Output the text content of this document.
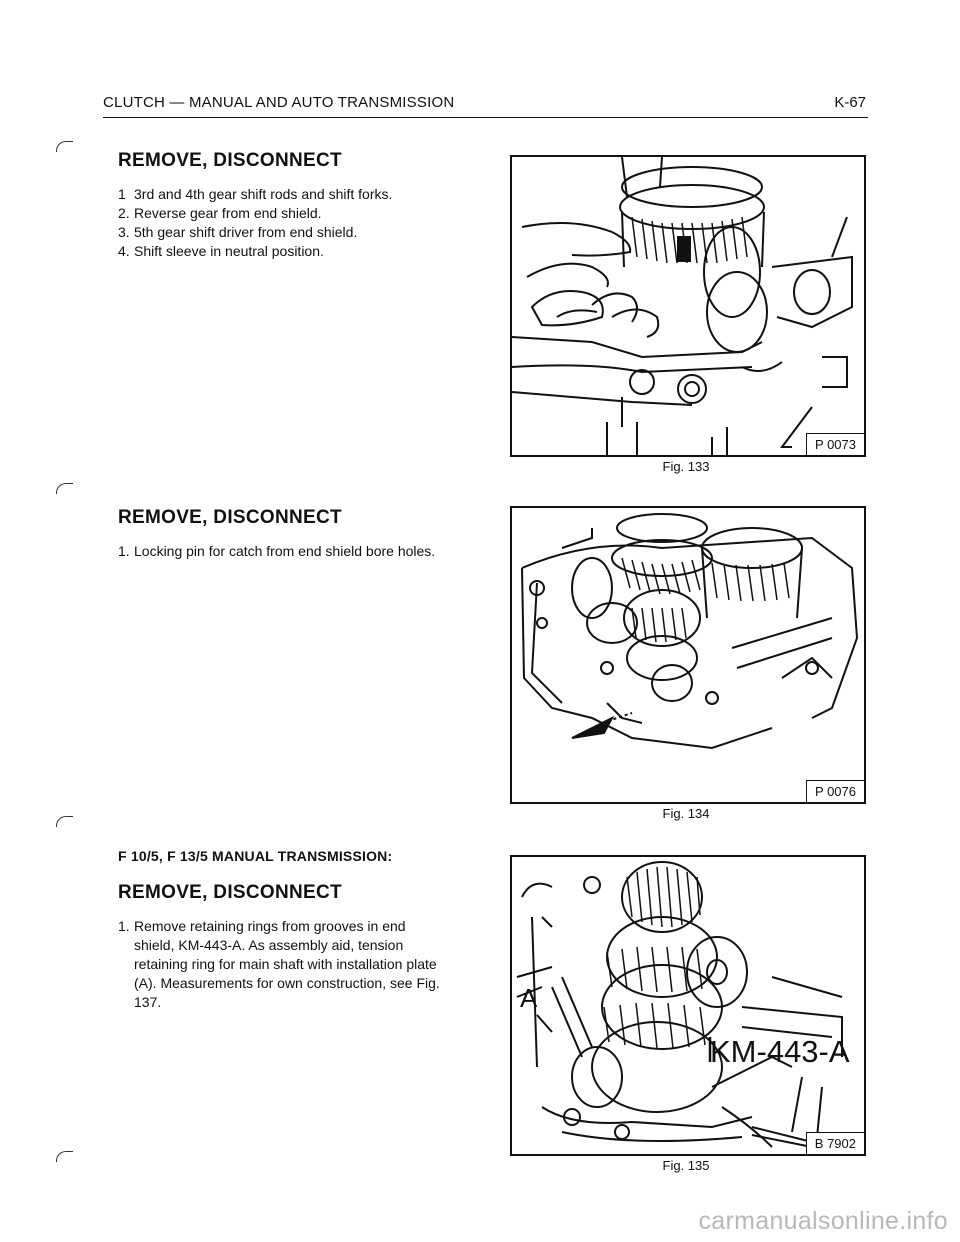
CLUTCH — MANUAL AND AUTO TRANSMISSION	K-67
REMOVE, DISCONNECT
1 3rd and 4th gear shift rods and shift forks.
2. Reverse gear from end shield.
3. 5th gear shift driver from end shield.
4. Shift sleeve in neutral position.
REMOVE, DISCONNECT
1. Locking pin for catch from end shield bore holes.
F 10/5, F 13/5 MANUAL TRANSMISSION:
REMOVE, DISCONNECT
1. Remove retaining rings from grooves in end shield, KM-443-A. As assembly aid, tension retaining ring for main shaft with installation plate (A). Measurements for own construction, see Fig. 137.
P 0073
Fig. 133
P 0076
Fig. 134
A
KM-443-A
B 7902
Fig. 135
carmanualsonline.info
